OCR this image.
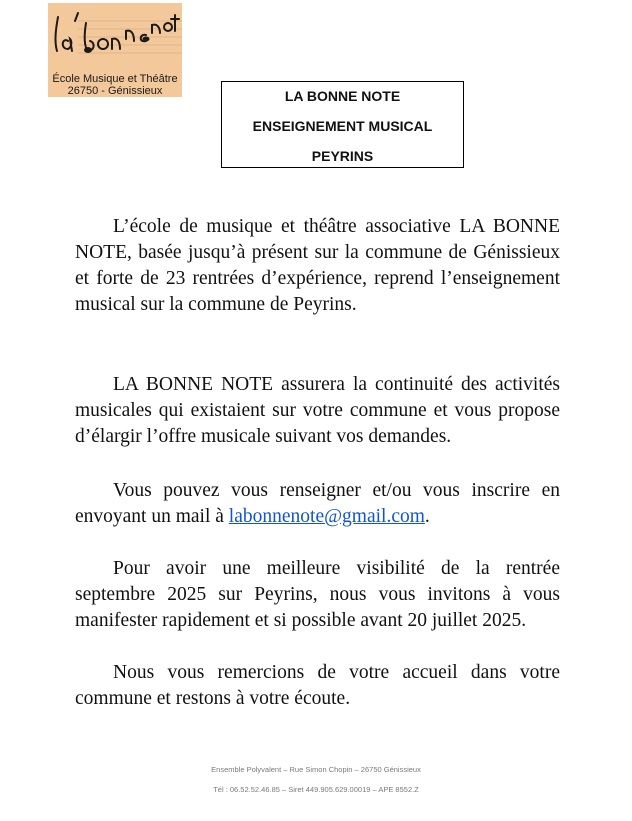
École Musique et Théâtre
26750 - Génissieux	LA BONNE NOTE
ENSEIGNEMENT MUSICAL
PEYRINS

L’école de musique et théâtre associative LA BONNE NOTE, basée jusqu’à présent sur la commune de Génissieux et forte de 23 rentrées d’expérience, reprend l’enseignement musical sur la commune de Peyrins.

LA BONNE NOTE assurera la continuité des activités musicales qui existaient sur votre commune et vous propose d’élargir l’offre musicale suivant vos demandes.

Vous pouvez vous renseigner et/ou vous inscrire en envoyant un mail à labonnenote@gmail.com.

Pour avoir une meilleure visibilité de la rentrée septembre 2025 sur Peyrins, nous vous invitons à vous manifester rapidement et si possible avant 20 juillet 2025.

Nous vous remercions de votre accueil dans votre commune et restons à votre écoute.

Ensemble Polyvalent – Rue Simon Chopin – 26750 Génissieux
Tél : 06.52.52.46.85 – Siret 449.905.629.00019 – APE 8552.Z
